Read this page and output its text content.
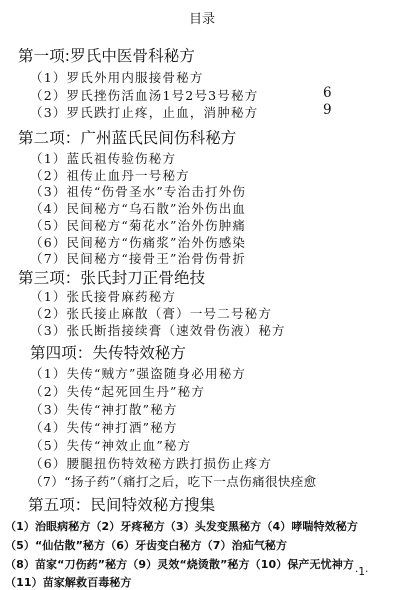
目录
第一项:罗氏中医骨科秘方
（1）罗氏外用内服接骨秘方
（2）罗氏挫伤活血汤1号2号3号秘方	6
（3）罗氏跌打止疼，止血，消肿秘方	9
第二项：广州蓝氏民间伤科秘方
（1）蓝氏祖传验伤秘方
（2）祖传止血丹一号秘方
（3）祖传“伤骨圣水”专治击打外伤
（4）民间秘方“乌石散”治外伤出血
（5）民间秘方“菊花水”治外伤肿痛
（6）民间秘方“伤痛浆”治外伤感染
（7）民间秘方“接骨王”治骨伤骨折
第三项：张氏封刀正骨绝技
（1）张氏接骨麻药秘方
（2）张氏接止麻散（膏）一号二号秘方
（3）张氏断指接续膏（速效骨伤液）秘方
第四项：失传特效秘方
（1）失传“贼方”强盗随身必用秘方
（2）失传“起死回生丹”秘方
（3）失传“神打散”秘方
（4）失传“神打酒”秘方
（5）失传“神效止血”秘方
（6）腰腿扭伤特效秘方跌打损伤止疼方
（7）“扬子药”（痛打之后，吃下一点伤痛很快痊愈
第五项：民间特效秘方搜集
（1）治眼病秘方（2）牙疼秘方（3）头发变黑秘方（4）哮喘特效秘方
（5）“仙估散”秘方（6）牙齿变白秘方（7）治疝气秘方
（8）苗家“刀伤药”秘方（9）灵效“烧烫散”秘方（10）保产无忧神方
（11）苗家解救百毒秘方
·1·
